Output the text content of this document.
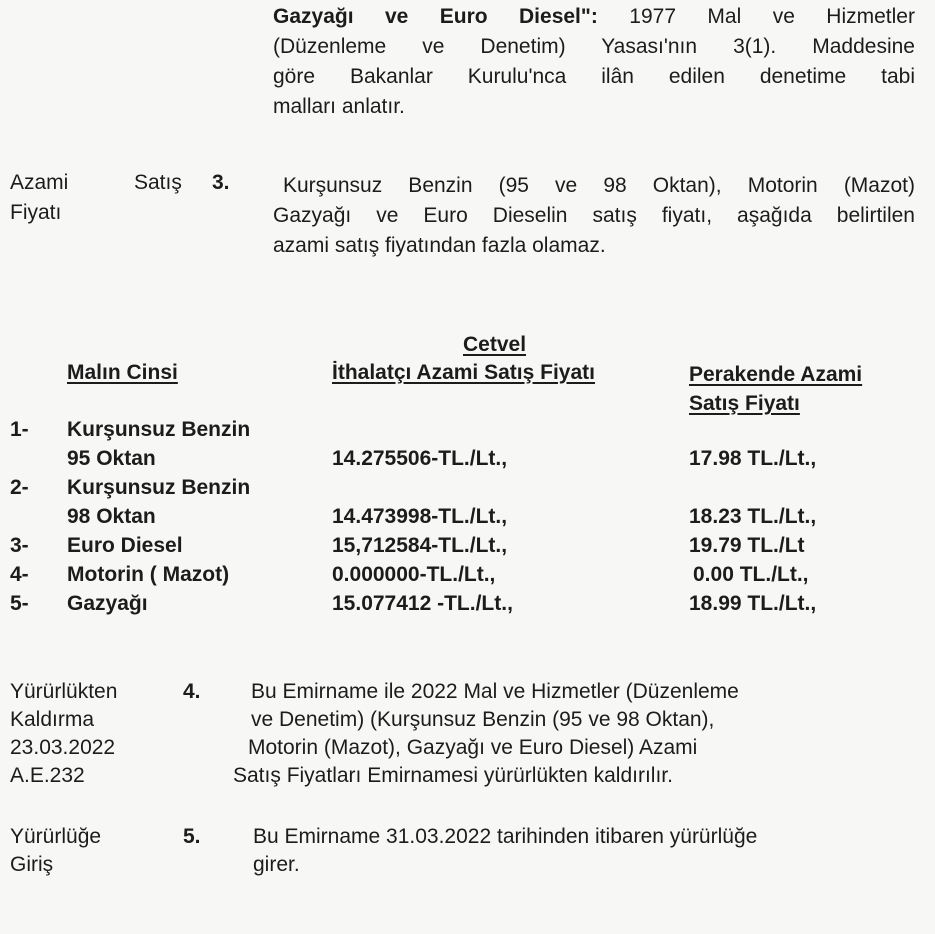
Gazyağı ve Euro Diesel": 1977 Mal ve Hizmetler
(Düzenleme ve Denetim) Yasası'nın 3(1). Maddesine
göre Bakanlar Kurulu'nca ilân edilen denetime tabi
malları anlatır.
Azami	Satış
Fiyatı
3.	Kurşunsuz Benzin (95 ve 98 Oktan), Motorin (Mazot)
Gazyağı ve Euro Dieselin satış fiyatı, aşağıda belirtilen
azami satış fiyatından fazla olamaz.
Cetvel
Malın Cinsi	İthalatçı Azami Satış Fiyatı	Perakende Azami
Satış Fiyatı
1- Kurşunsuz Benzin
95 Oktan	14.275506-TL./Lt.,	17.98 TL./Lt.,
2- Kurşunsuz Benzin
98 Oktan	14.473998-TL./Lt.,	18.23 TL./Lt.,
3- Euro Diesel	15,712584-TL./Lt.,	19.79 TL./Lt
4- Motorin ( Mazot)	0.000000-TL./Lt.,	0.00 TL./Lt.,
5- Gazyağı	15.077412 -TL./Lt.,	18.99 TL./Lt.,
Yürürlükten
Kaldırma
23.03.2022
A.E.232
4. Bu Emirname ile 2022 Mal ve Hizmetler (Düzenleme
ve Denetim) (Kurşunsuz Benzin (95 ve 98 Oktan),
Motorin (Mazot), Gazyağı ve Euro Diesel) Azami
Satış Fiyatları Emirnamesi yürürlükten kaldırılır.
Yürürlüğe
Giriş
5. Bu Emirname 31.03.2022 tarihinden itibaren yürürlüğe
girer.
